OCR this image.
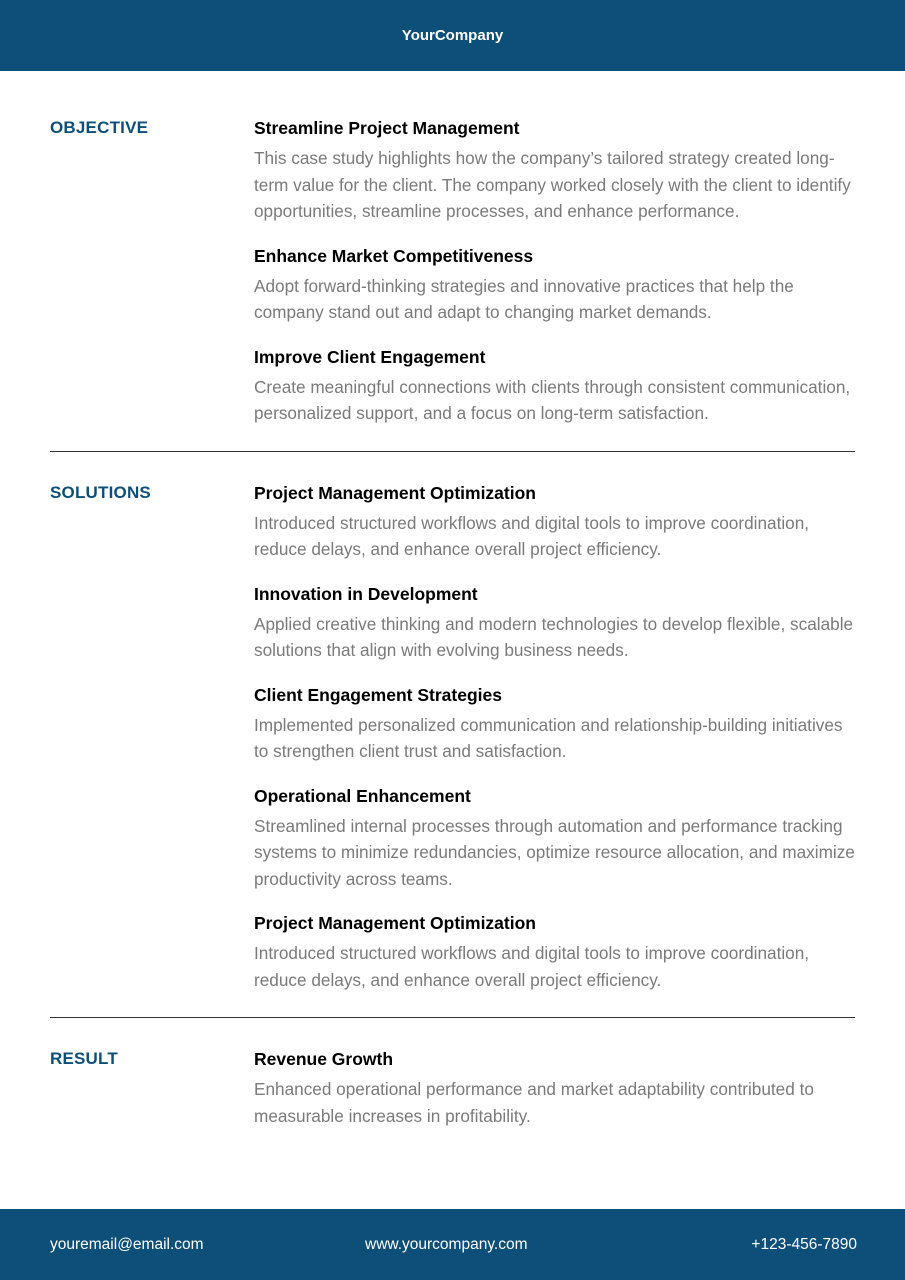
YourCompany
OBJECTIVE	Streamline Project Management
This case study highlights how the company’s tailored strategy created long-term value for the client. The company worked closely with the client to identify opportunities, streamline processes, and enhance performance.
Enhance Market Competitiveness
Adopt forward-thinking strategies and innovative practices that help the company stand out and adapt to changing market demands.
Improve Client Engagement
Create meaningful connections with clients through consistent communication, personalized support, and a focus on long-term satisfaction.
SOLUTIONS	Project Management Optimization
Introduced structured workflows and digital tools to improve coordination, reduce delays, and enhance overall project efficiency.
Innovation in Development
Applied creative thinking and modern technologies to develop flexible, scalable solutions that align with evolving business needs.
Client Engagement Strategies
Implemented personalized communication and relationship-building initiatives to strengthen client trust and satisfaction.
Operational Enhancement
Streamlined internal processes through automation and performance tracking systems to minimize redundancies, optimize resource allocation, and maximize productivity across teams.
Project Management Optimization
Introduced structured workflows and digital tools to improve coordination, reduce delays, and enhance overall project efficiency.
RESULT	Revenue Growth
Enhanced operational performance and market adaptability contributed to measurable increases in profitability.
youremail@email.com	www.yourcompany.com	+123-456-7890
